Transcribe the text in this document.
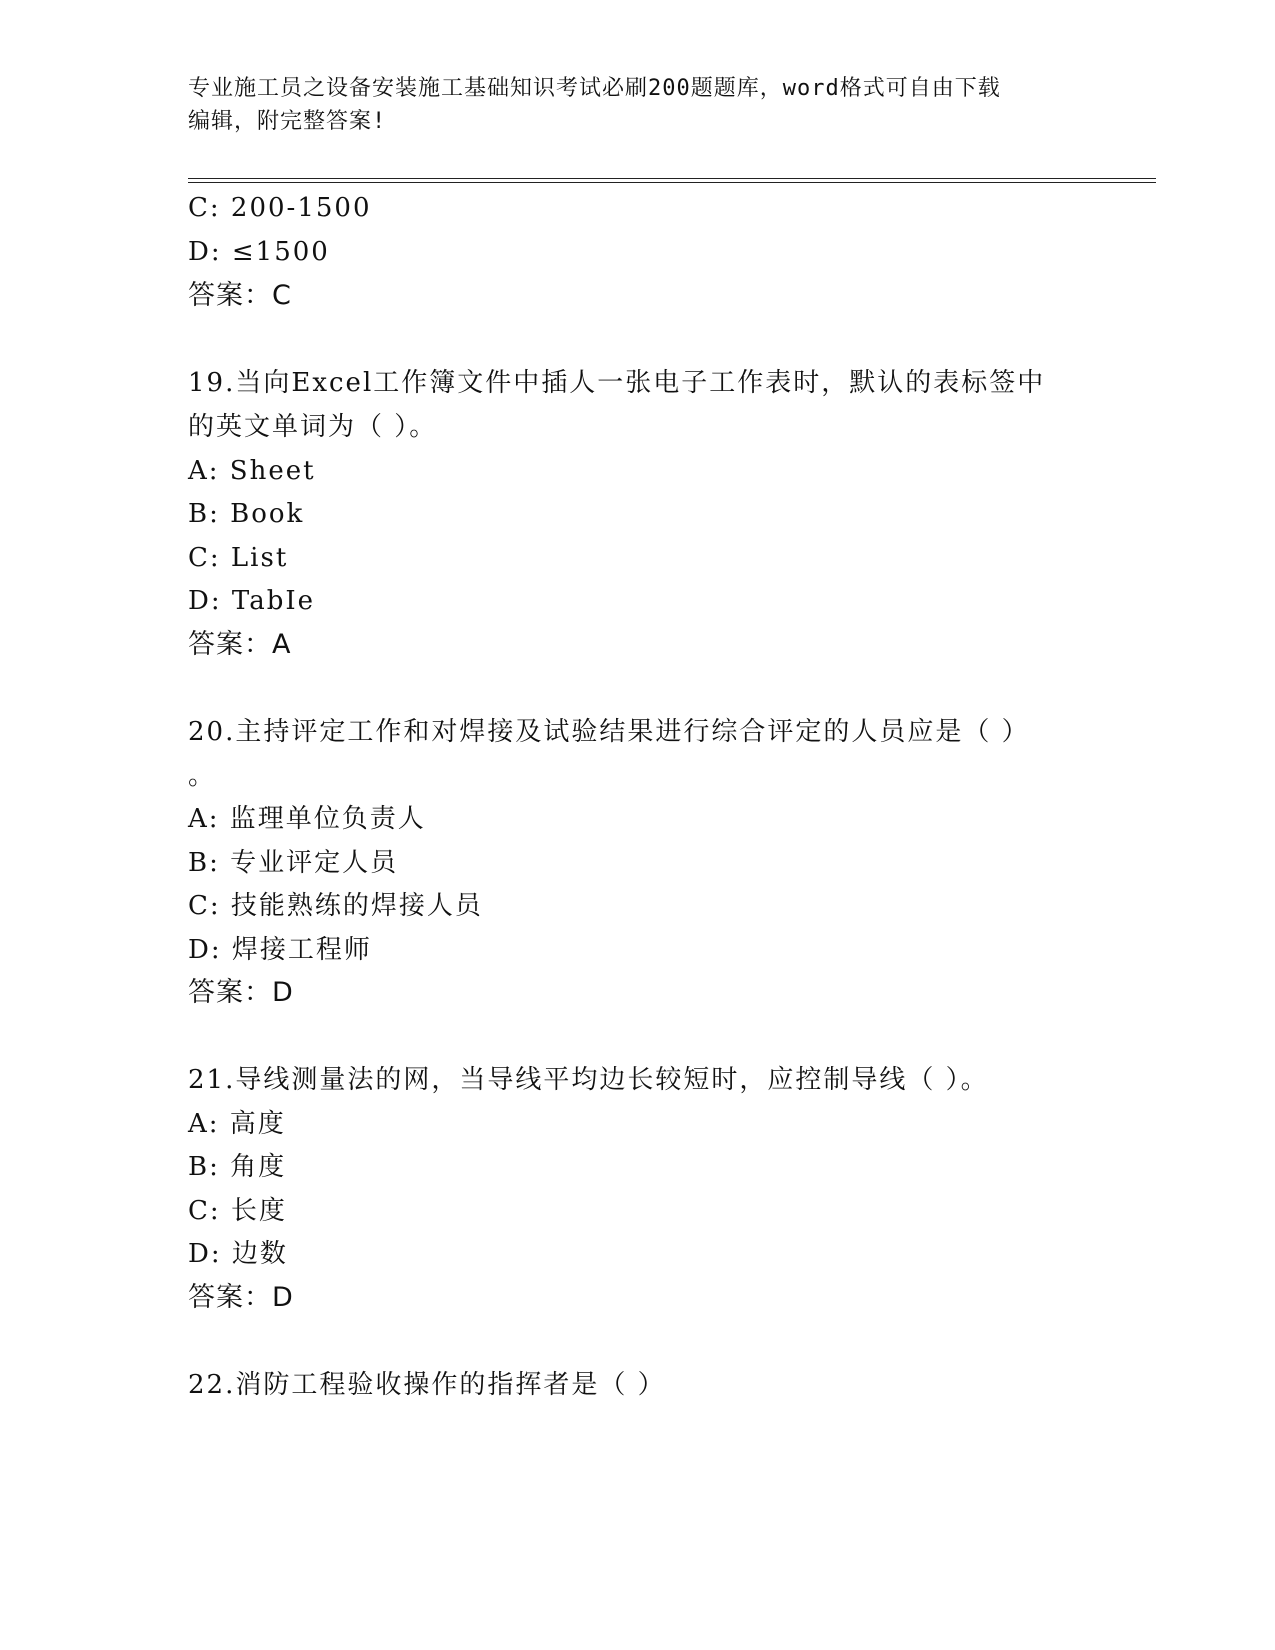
专业施工员之设备安装施工基础知识考试必刷200题题库，word格式可自由下载
编辑，附完整答案!
C: 200-1500
D: ≤1500
答案：C
19.当向Excel工作簿文件中插人一张电子工作表时，默认的表标签中
的英文单词为（ ）。
A: Sheet
B: Book
C: List
D: TabIe
答案：A
20.主持评定工作和对焊接及试验结果进行综合评定的人员应是（ ）
。
A: 监理单位负责人
B: 专业评定人员
C: 技能熟练的焊接人员
D: 焊接工程师
答案：D
21.导线测量法的网，当导线平均边长较短时，应控制导线（ ）。
A: 高度
B: 角度
C: 长度
D: 边数
答案：D
22.消防工程验收操作的指挥者是（ ）
